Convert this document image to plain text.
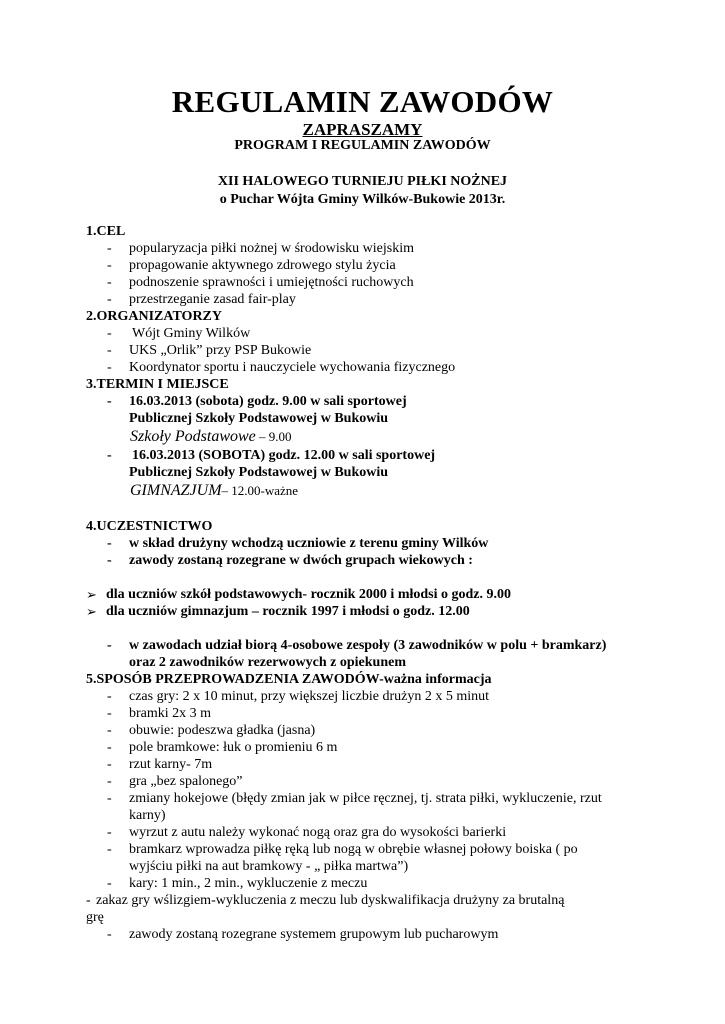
REGULAMIN ZAWODÓW
ZAPRASZAMY
PROGRAM I REGULAMIN ZAWODÓW
XII HALOWEGO TURNIEJU PIŁKI NOŻNEJ
o Puchar Wójta Gminy Wilków-Bukowie 2013r.
1.CEL
- popularyzacja piłki nożnej w środowisku wiejskim
- propagowanie aktywnego zdrowego stylu życia
- podnoszenie sprawności i umiejętności ruchowych
- przestrzeganie zasad fair-play
2.ORGANIZATORZY
- Wójt Gminy Wilków
- UKS „Orlik” przy PSP Bukowie
- Koordynator sportu i nauczyciele wychowania fizycznego
3.TERMIN I MIEJSCE
- 16.03.2013 (sobota) godz. 9.00 w sali sportowej
Publicznej Szkoły Podstawowej w Bukowiu
Szkoły Podstawowe – 9.00
- 16.03.2013 (SOBOTA) godz. 12.00 w sali sportowej
Publicznej Szkoły Podstawowej w Bukowiu
GIMNAZJUM– 12.00-ważne
4.UCZESTNICTWO
- w skład drużyny wchodzą uczniowie z terenu gminy Wilków
- zawody zostaną rozegrane w dwóch grupach wiekowych :
➢ dla uczniów szkół podstawowych- rocznik 2000 i młodsi o godz. 9.00
➢ dla uczniów gimnazjum – rocznik 1997 i młodsi o godz. 12.00
- w zawodach udział biorą 4-osobowe zespoły (3 zawodników w polu + bramkarz)
oraz 2 zawodników rezerwowych z opiekunem
5.SPOSÓB PRZEPROWADZENIA ZAWODÓW-ważna informacja
- czas gry: 2 x 10 minut, przy większej liczbie drużyn 2 x 5 minut
- bramki 2x 3 m
- obuwie: podeszwa gładka (jasna)
- pole bramkowe: łuk o promieniu 6 m
- rzut karny- 7m
- gra „bez spalonego”
- zmiany hokejowe (błędy zmian jak w piłce ręcznej, tj. strata piłki, wykluczenie, rzut
karny)
- wyrzut z autu należy wykonać nogą oraz gra do wysokości barierki
- bramkarz wprowadza piłkę ręką lub nogą w obrębie własnej połowy boiska ( po
wyjściu piłki na aut bramkowy - „ piłka martwa”)
- kary: 1 min., 2 min., wykluczenie z meczu
- zakaz gry wślizgiem-wykluczenia z meczu lub dyskwalifikacja drużyny za brutalną
grę
- zawody zostaną rozegrane systemem grupowym lub pucharowym
